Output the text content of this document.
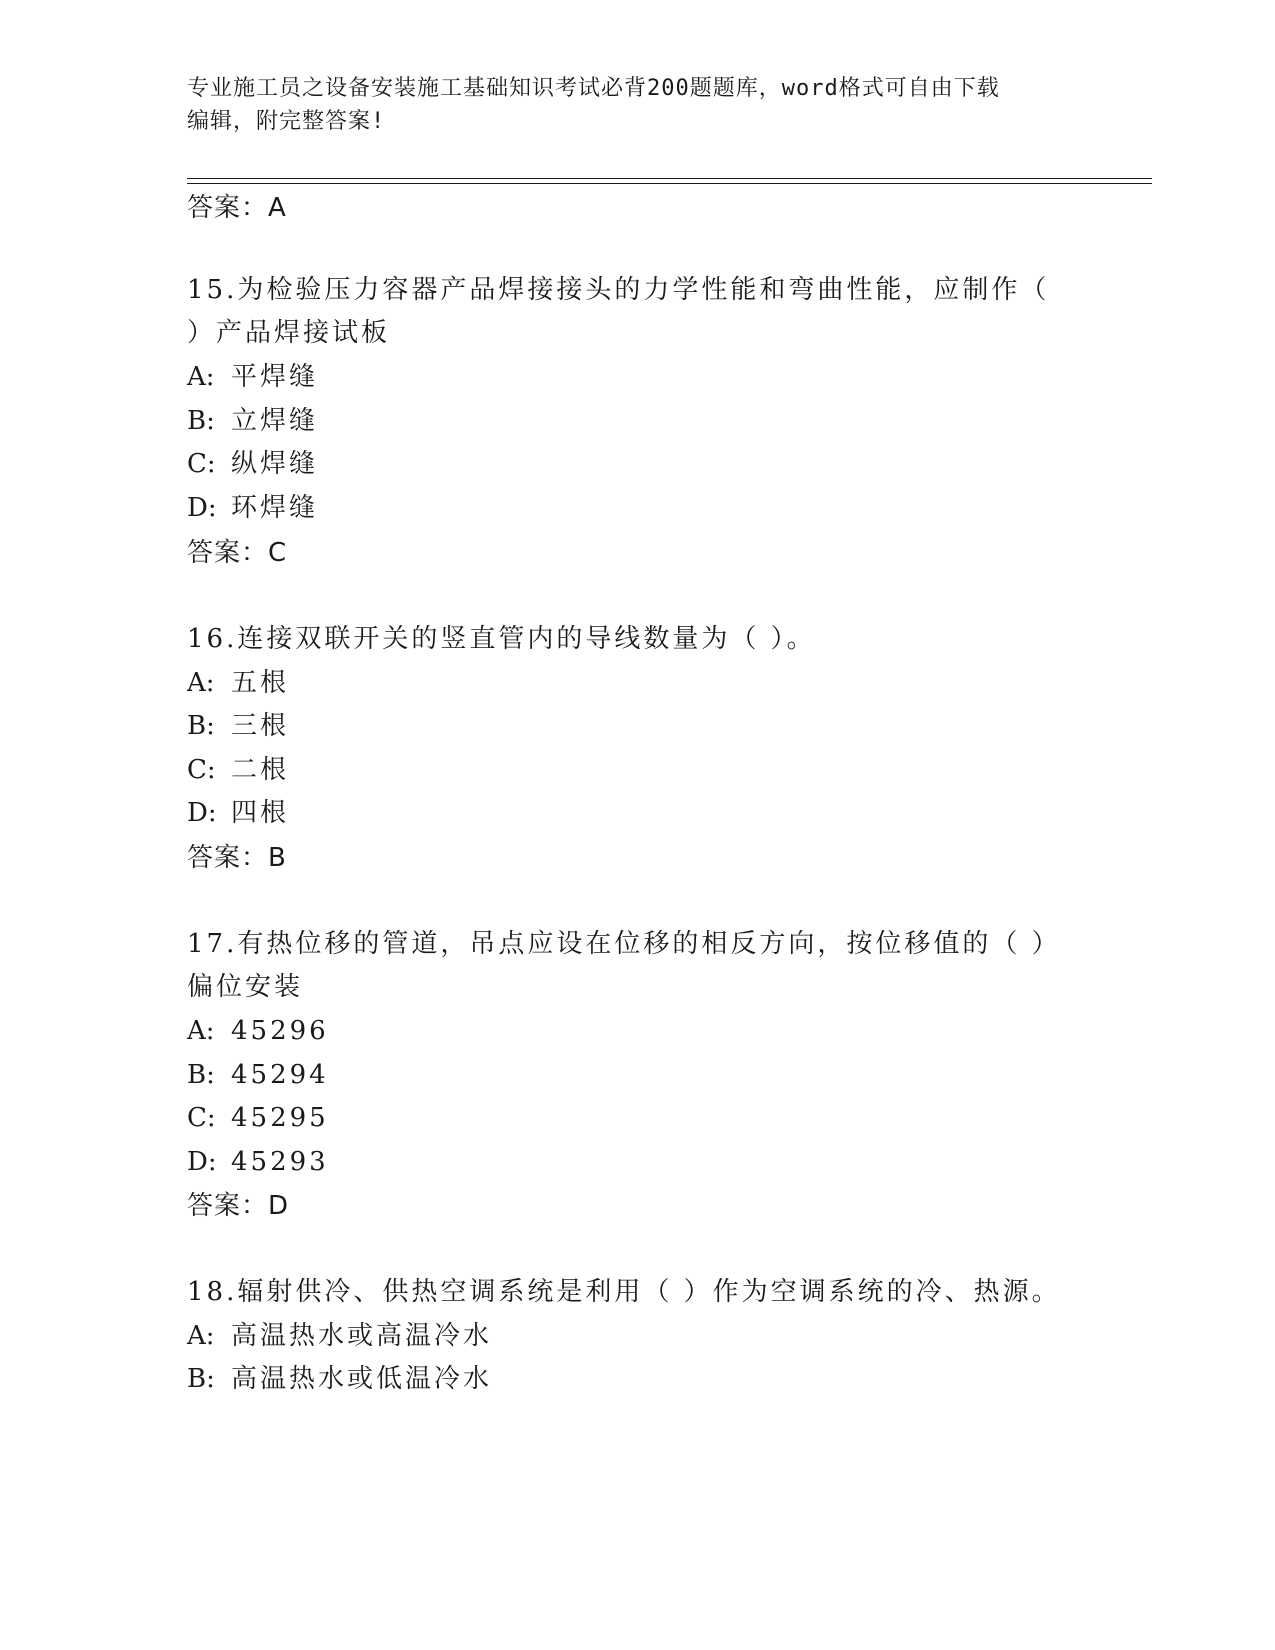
专业施工员之设备安装施工基础知识考试必背200题题库，word格式可自由下载
编辑，附完整答案!
答案：A
15.为检验压力容器产品焊接接头的力学性能和弯曲性能，应制作（
）产品焊接试板
A: 平焊缝
B: 立焊缝
C: 纵焊缝
D: 环焊缝
答案：C
16.连接双联开关的竖直管内的导线数量为（ ）。
A: 五根
B: 三根
C: 二根
D: 四根
答案：B
17.有热位移的管道，吊点应设在位移的相反方向，按位移值的（ ）
偏位安装
A: 45296
B: 45294
C: 45295
D: 45293
答案：D
18.辐射供冷、供热空调系统是利用（ ）作为空调系统的冷、热源。
A: 高温热水或高温冷水
B: 高温热水或低温冷水
